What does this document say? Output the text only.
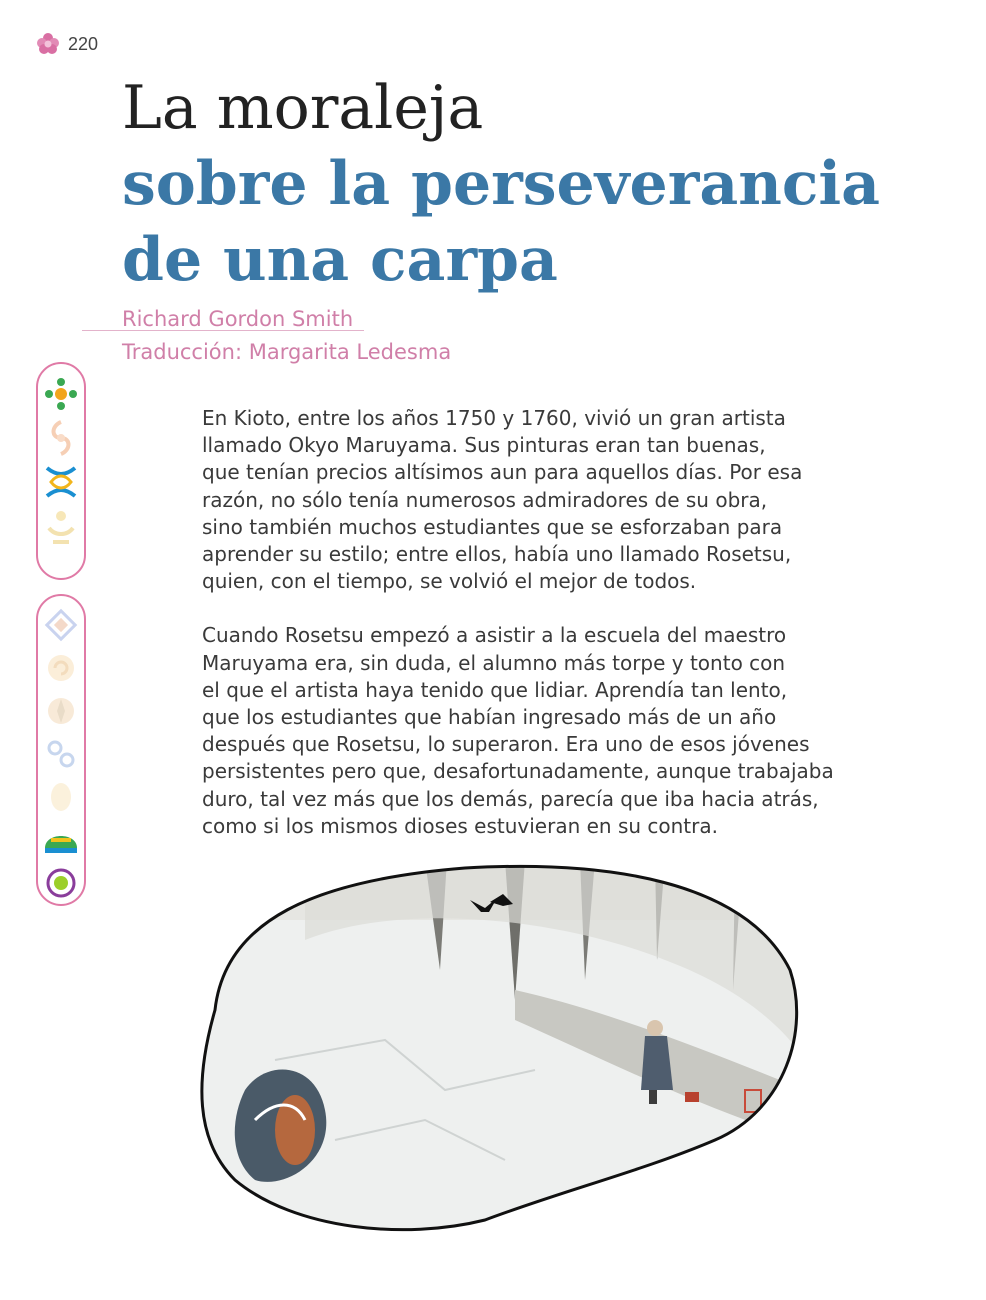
220
La moraleja
sobre la perseverancia
de una carpa
Richard Gordon Smith
Traducción: Margarita Ledesma

En Kioto, entre los años 1750 y 1760, vivió un gran artista
llamado Okyo Maruyama. Sus pinturas eran tan buenas,
que tenían precios altísimos aun para aquellos días. Por esa
razón, no sólo tenía numerosos admiradores de su obra,
sino también muchos estudiantes que se esforzaban para
aprender su estilo; entre ellos, había uno llamado Rosetsu,
quien, con el tiempo, se volvió el mejor de todos.

Cuando Rosetsu empezó a asistir a la escuela del maestro
Maruyama era, sin duda, el alumno más torpe y tonto con
el que el artista haya tenido que lidiar. Aprendía tan lento,
que los estudiantes que habían ingresado más de un año
después que Rosetsu, lo superaron. Era uno de esos jóvenes
persistentes pero que, desafortunadamente, aunque trabajaba
duro, tal vez más que los demás, parecía que iba hacia atrás,
como si los mismos dioses estuvieran en su contra.
